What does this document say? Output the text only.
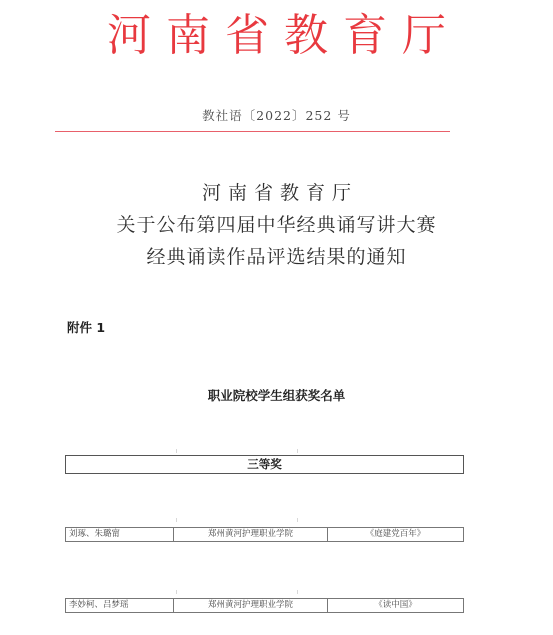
河南省教育厅
教社语〔2022〕252 号
河南省教育厅
关于公布第四届中华经典诵写讲大赛
经典诵读作品评选结果的通知
附件 1
职业院校学生组获奖名单
三等奖
刘琢、朱璐甯	郑州黄河护理职业学院	《庭建党百年》
李妙柯、吕梦瑶	郑州黄河护理职业学院	《读中国》
